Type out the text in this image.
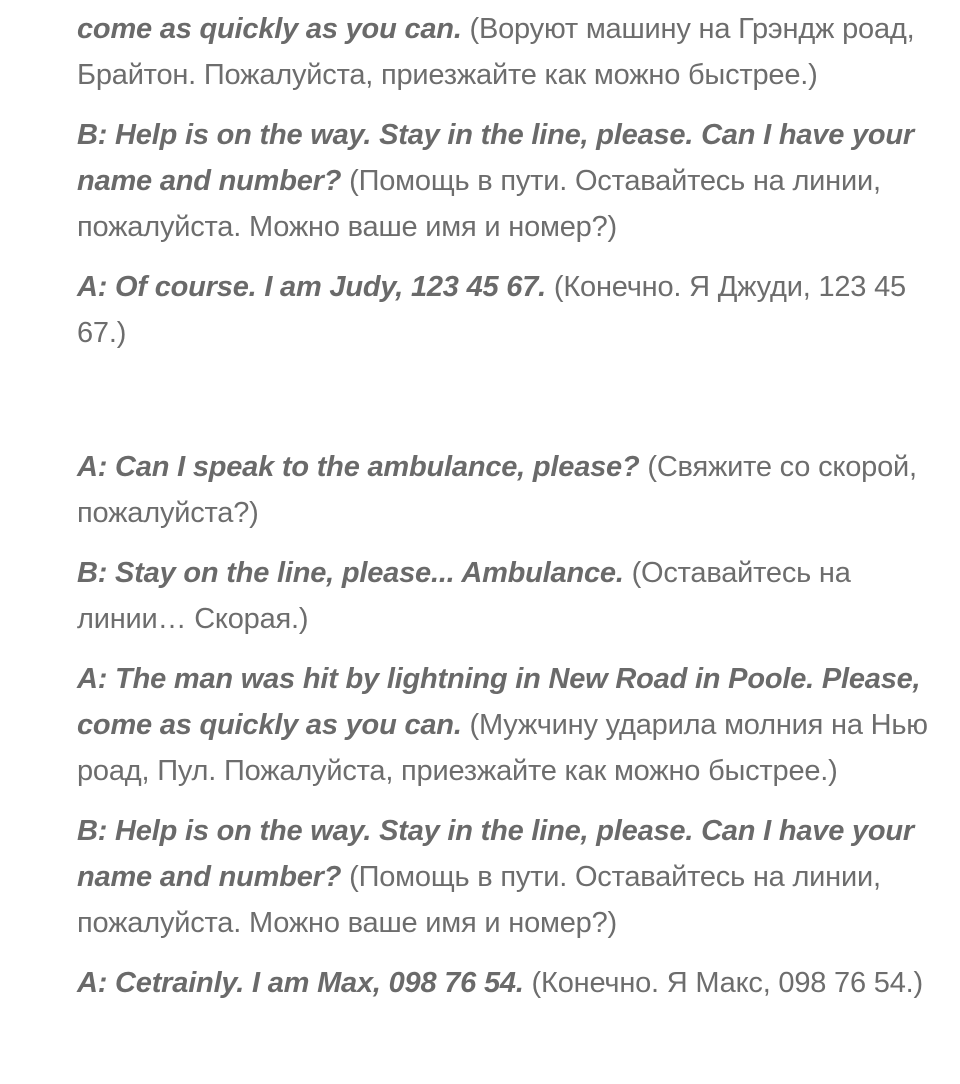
come as quickly as you can. (Воруют машину на Грэндж роад, Брайтон. Пожалуйста, приезжайте как можно быстрее.)

B: Help is on the way. Stay in the line, please. Can I have your name and number? (Помощь в пути. Оставайтесь на линии, пожалуйста. Можно ваше имя и номер?)

A: Of course. I am Judy, 123 45 67. (Конечно. Я Джуди, 123 45 67.)

A: Can I speak to the ambulance, please? (Свяжите со скорой, пожалуйста?)

B: Stay on the line, please... Ambulance. (Оставайтесь на линии… Скорая.)

A: The man was hit by lightning in New Road in Poole. Please, come as quickly as you can. (Мужчину ударила молния на Нью роад, Пул. Пожалуйста, приезжайте как можно быстрее.)

B: Help is on the way. Stay in the line, please. Can I have your name and number? (Помощь в пути. Оставайтесь на линии, пожалуйста. Можно ваше имя и номер?)

A: Cetrainly. I am Max, 098 76 54. (Конечно. Я Макс, 098 76 54.)
